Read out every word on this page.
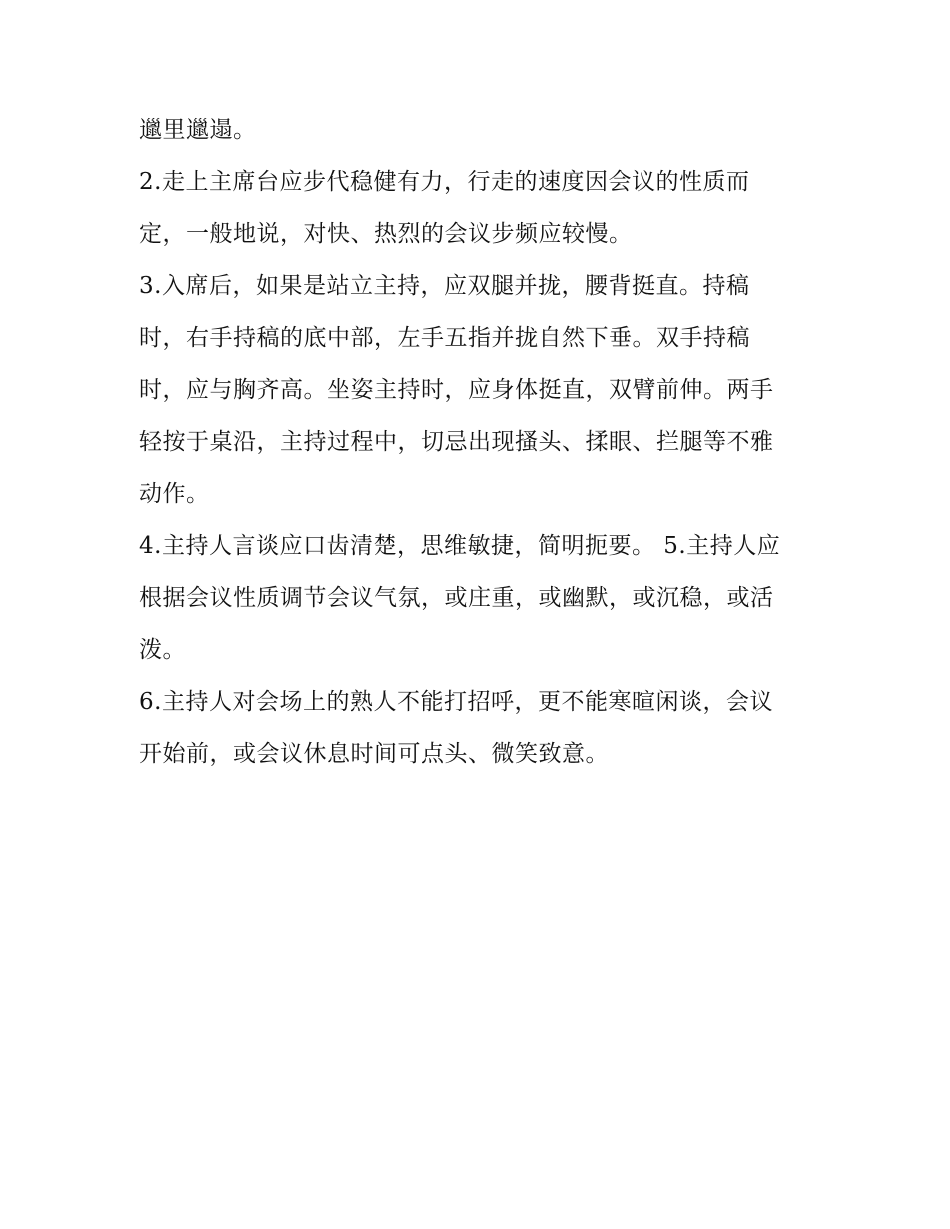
邋里邋遢。
2.走上主席台应步代稳健有力，行走的速度因会议的性质而
定，一般地说，对快、热烈的会议步频应较慢。
3.入席后，如果是站立主持，应双腿并拢，腰背挺直。持稿
时，右手持稿的底中部，左手五指并拢自然下垂。双手持稿
时，应与胸齐高。坐姿主持时，应身体挺直，双臂前伸。两手
轻按于桌沿，主持过程中，切忌出现搔头、揉眼、拦腿等不雅
动作。
4.主持人言谈应口齿清楚，思维敏捷，简明扼要。 5.主持人应
根据会议性质调节会议气氛，或庄重，或幽默，或沉稳，或活
泼。
6.主持人对会场上的熟人不能打招呼，更不能寒暄闲谈，会议
开始前，或会议休息时间可点头、微笑致意。
